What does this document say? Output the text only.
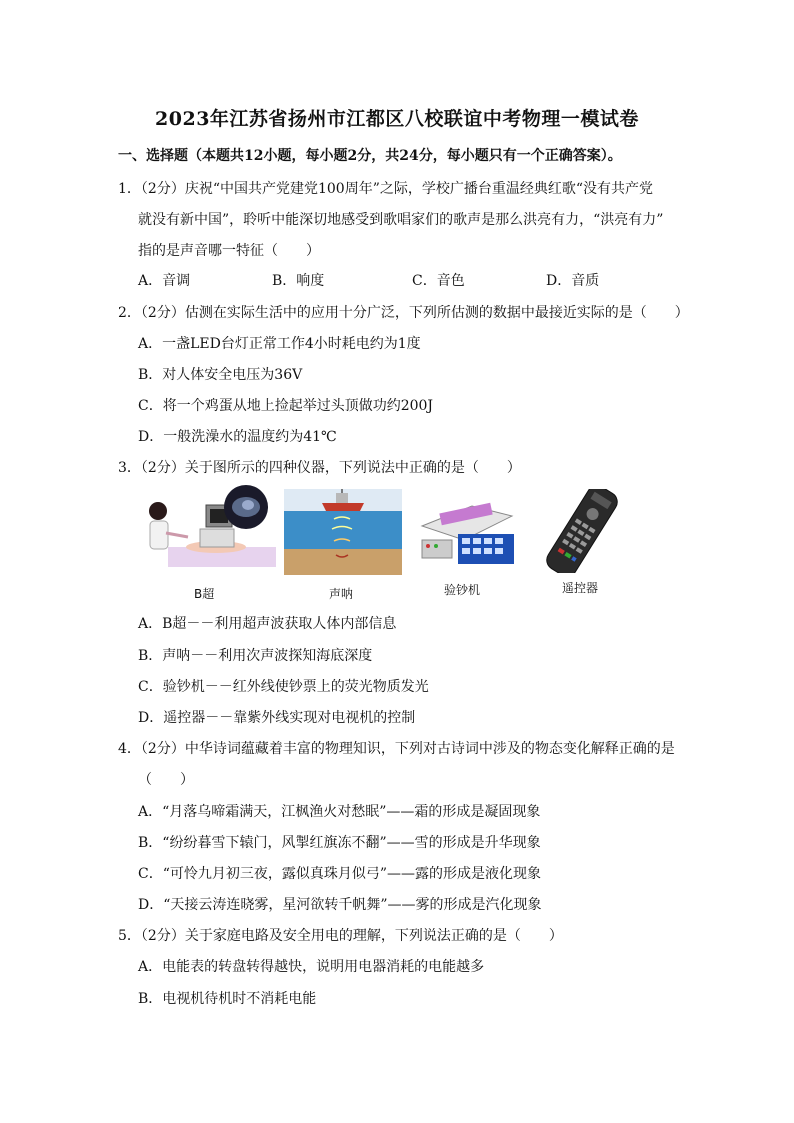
2023年江苏省扬州市江都区八校联谊中考物理一模试卷
一、选择题（本题共12小题，每小题2分，共24分，每小题只有一个正确答案）。
1．（2分）庆祝“中国共产党建党100周年”之际，学校广播台重温经典红歌“没有共产党
就没有新中国”，聆听中能深切地感受到歌唱家们的歌声是那么洪亮有力，“洪亮有力”
指的是声音哪一特征（　　）
A．音调	B．响度	C．音色	D．音质
2．（2分）估测在实际生活中的应用十分广泛，下列所估测的数据中最接近实际的是（　　）
A．一盏LED台灯正常工作4小时耗电约为1度
B．对人体安全电压为36V
C．将一个鸡蛋从地上捡起举过头顶做功约200J
D．一般洗澡水的温度约为41℃
3．（2分）关于图所示的四种仪器，下列说法中正确的是（　　）
B超	声呐	验钞机	遥控器
A．B超－－利用超声波获取人体内部信息
B．声呐－－利用次声波探知海底深度
C．验钞机－－红外线使钞票上的荧光物质发光
D．遥控器－－靠紫外线实现对电视机的控制
4．（2分）中华诗词蕴藏着丰富的物理知识，下列对古诗词中涉及的物态变化解释正确的是
（　　）
A．“月落乌啼霜满天，江枫渔火对愁眠”——霜的形成是凝固现象
B．“纷纷暮雪下辕门，风掣红旗冻不翻”——雪的形成是升华现象
C．“可怜九月初三夜，露似真珠月似弓”——露的形成是液化现象
D．“天接云涛连晓雾，星河欲转千帆舞”——雾的形成是汽化现象
5．（2分）关于家庭电路及安全用电的理解，下列说法正确的是（　　）
A．电能表的转盘转得越快，说明用电器消耗的电能越多
B．电视机待机时不消耗电能
